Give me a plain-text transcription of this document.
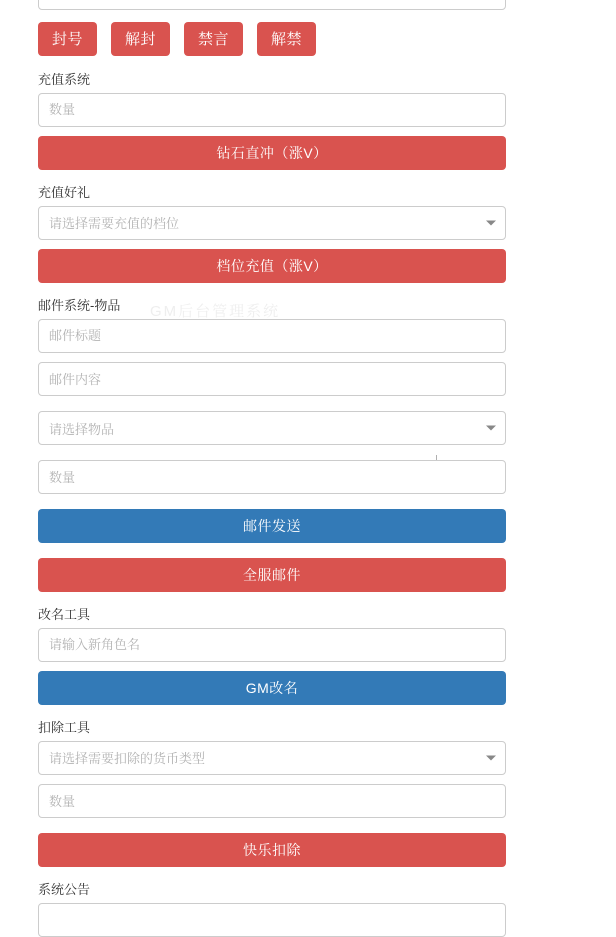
GM后台管理系统
封号	解封	禁言	解禁
充值系统
数量
钻石直冲（涨V）
充值好礼
请选择需要充值的档位
档位充值（涨V）
邮件系统-物品
邮件标题
邮件内容
请选择物品
数量
邮件发送
全服邮件
改名工具
请输入新角色名
GM改名
扣除工具
请选择需要扣除的货币类型
数量
快乐扣除
系统公告
